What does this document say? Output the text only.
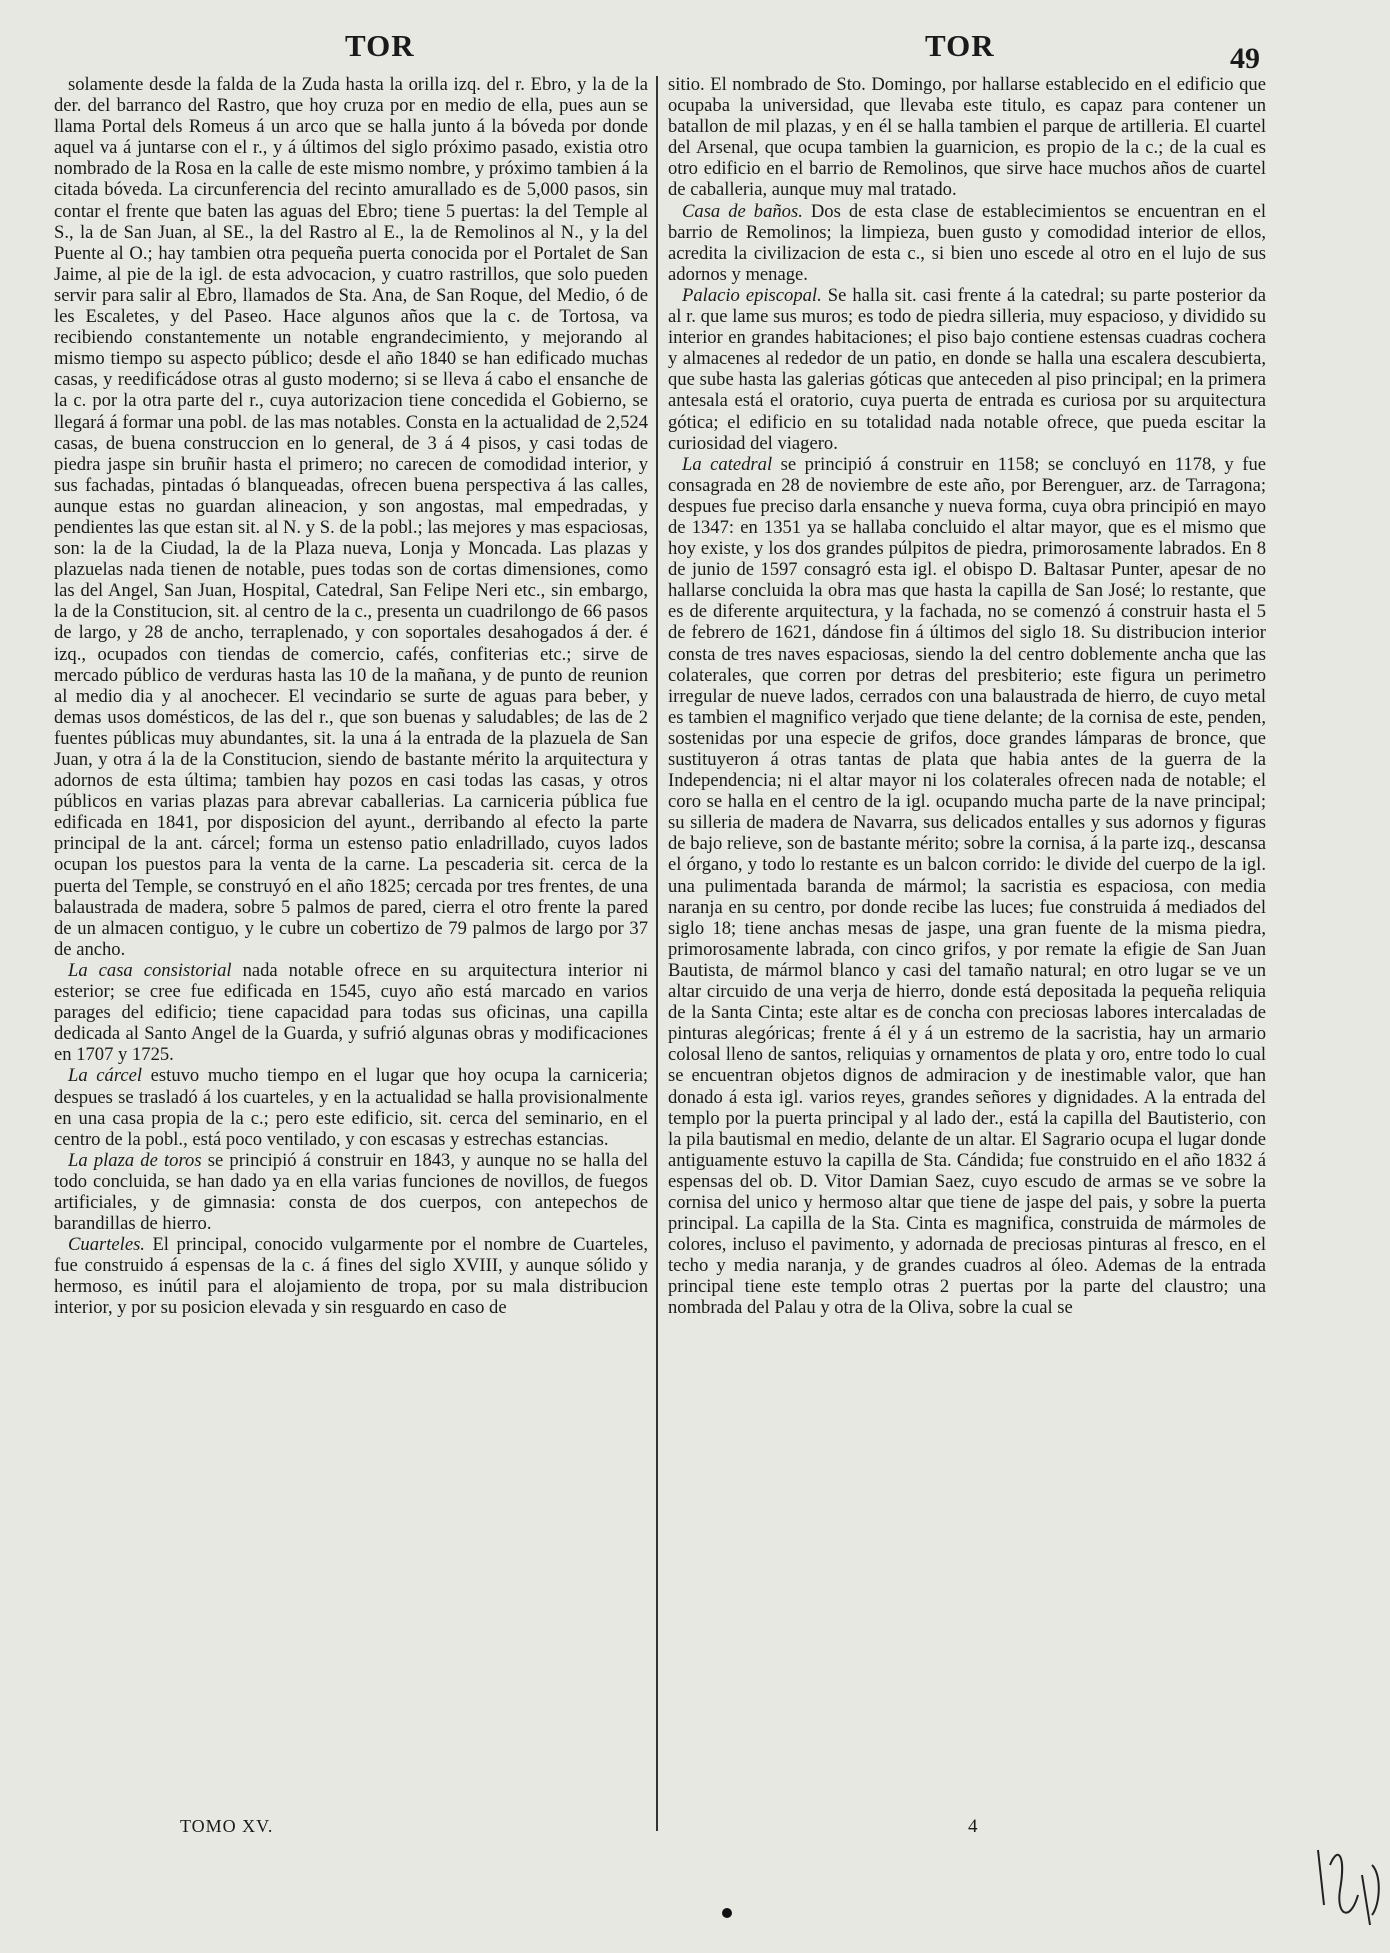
TOR	TOR	49

solamente desde la falda de la Zuda hasta la orilla izq. del r. Ebro, y la de la der. del barranco del Rastro, que hoy cruza por en medio de ella, pues aun se llama Portal dels Romeus á un arco que se halla junto á la bóveda por donde aquel va á juntarse con el r., y á últimos del siglo próximo pasado, existia otro nombrado de la Rosa en la calle de este mismo nombre, y próximo tambien á la citada bóveda. La circunferencia del recinto amurallado es de 5,000 pasos, sin contar el frente que baten las aguas del Ebro; tiene 5 puertas: la del Temple al S., la de San Juan, al SE., la del Rastro al E., la de Remolinos al N., y la del Puente al O.; hay tambien otra pequeña puerta conocida por el Portalet de San Jaime, al pie de la igl. de esta advocacion, y cuatro rastrillos, que solo pueden servir para salir al Ebro, llamados de Sta. Ana, de San Roque, del Medio, ó de les Escaletes, y del Paseo. Hace algunos años que la c. de Tortosa, va recibiendo constantemente un notable engrandecimiento, y mejorando al mismo tiempo su aspecto público; desde el año 1840 se han edificado muchas casas, y reedificádose otras al gusto moderno; si se lleva á cabo el ensanche de la c. por la otra parte del r., cuya autorizacion tiene concedida el Gobierno, se llegará á formar una pobl. de las mas notables. Consta en la actualidad de 2,524 casas, de buena construccion en lo general, de 3 á 4 pisos, y casi todas de piedra jaspe sin bruñir hasta el primero; no carecen de comodidad interior, y sus fachadas, pintadas ó blanqueadas, ofrecen buena perspectiva á las calles, aunque estas no guardan alineacion, y son angostas, mal empedradas, y pendientes las que estan sit. al N. y S. de la pobl.; las mejores y mas espaciosas, son: la de la Ciudad, la de la Plaza nueva, Lonja y Moncada. Las plazas y plazuelas nada tienen de notable, pues todas son de cortas dimensiones, como las del Angel, San Juan, Hospital, Catedral, San Felipe Neri etc., sin embargo, la de la Constitucion, sit. al centro de la c., presenta un cuadrilongo de 66 pasos de largo, y 28 de ancho, terraplenado, y con soportales desahogados á der. é izq., ocupados con tiendas de comercio, cafés, confiterias etc.; sirve de mercado público de verduras hasta las 10 de la mañana, y de punto de reunion al medio dia y al anochecer. El vecindario se surte de aguas para beber, y demas usos domésticos, de las del r., que son buenas y saludables; de las de 2 fuentes públicas muy abundantes, sit. la una á la entrada de la plazuela de San Juan, y otra á la de la Constitucion, siendo de bastante mérito la arquitectura y adornos de esta última; tambien hay pozos en casi todas las casas, y otros públicos en varias plazas para abrevar caballerias. La carniceria pública fue edificada en 1841, por disposicion del ayunt., derribando al efecto la parte principal de la ant. cárcel; forma un estenso patio enladrillado, cuyos lados ocupan los puestos para la venta de la carne. La pescaderia sit. cerca de la puerta del Temple, se construyó en el año 1825; cercada por tres frentes, de una balaustrada de madera, sobre 5 palmos de pared, cierra el otro frente la pared de un almacen contiguo, y le cubre un cobertizo de 79 palmos de largo por 37 de ancho.

La casa consistorial nada notable ofrece en su arquitectura interior ni esterior; se cree fue edificada en 1545, cuyo año está marcado en varios parages del edificio; tiene capacidad para todas sus oficinas, una capilla dedicada al Santo Angel de la Guarda, y sufrió algunas obras y modificaciones en 1707 y 1725.

La cárcel estuvo mucho tiempo en el lugar que hoy ocupa la carniceria; despues se trasladó á los cuarteles, y en la actualidad se halla provisionalmente en una casa propia de la c.; pero este edificio, sit. cerca del seminario, en el centro de la pobl., está poco ventilado, y con escasas y estrechas estancias.

La plaza de toros se principió á construir en 1843, y aunque no se halla del todo concluida, se han dado ya en ella varias funciones de novillos, de fuegos artificiales, y de gimnasia: consta de dos cuerpos, con antepechos de barandillas de hierro.

Cuarteles. El principal, conocido vulgarmente por el nombre de Cuarteles, fue construido á espensas de la c. á fines del siglo XVIII, y aunque sólido y hermoso, es inútil para el alojamiento de tropa, por su mala distribucion interior, y por su posicion elevada y sin resguardo en caso de

sitio. El nombrado de Sto. Domingo, por hallarse establecido en el edificio que ocupaba la universidad, que llevaba este titulo, es capaz para contener un batallon de mil plazas, y en él se halla tambien el parque de artilleria. El cuartel del Arsenal, que ocupa tambien la guarnicion, es propio de la c.; de la cual es otro edificio en el barrio de Remolinos, que sirve hace muchos años de cuartel de caballeria, aunque muy mal tratado.

Casa de baños. Dos de esta clase de establecimientos se encuentran en el barrio de Remolinos; la limpieza, buen gusto y comodidad interior de ellos, acredita la civilizacion de esta c., si bien uno escede al otro en el lujo de sus adornos y menage.

Palacio episcopal. Se halla sit. casi frente á la catedral; su parte posterior da al r. que lame sus muros; es todo de piedra silleria, muy espacioso, y dividido su interior en grandes habitaciones; el piso bajo contiene estensas cuadras cochera y almacenes al rededor de un patio, en donde se halla una escalera descubierta, que sube hasta las galerias góticas que anteceden al piso principal; en la primera antesala está el oratorio, cuya puerta de entrada es curiosa por su arquitectura gótica; el edificio en su totalidad nada notable ofrece, que pueda escitar la curiosidad del viagero.

La catedral se principió á construir en 1158; se concluyó en 1178, y fue consagrada en 28 de noviembre de este año, por Berenguer, arz. de Tarragona; despues fue preciso darla ensanche y nueva forma, cuya obra principió en mayo de 1347: en 1351 ya se hallaba concluido el altar mayor, que es el mismo que hoy existe, y los dos grandes púlpitos de piedra, primorosamente labrados. En 8 de junio de 1597 consagró esta igl. el obispo D. Baltasar Punter, apesar de no hallarse concluida la obra mas que hasta la capilla de San José; lo restante, que es de diferente arquitectura, y la fachada, no se comenzó á construir hasta el 5 de febrero de 1621, dándose fin á últimos del siglo 18. Su distribucion interior consta de tres naves espaciosas, siendo la del centro doblemente ancha que las colaterales, que corren por detras del presbiterio; este figura un perimetro irregular de nueve lados, cerrados con una balaustrada de hierro, de cuyo metal es tambien el magnifico verjado que tiene delante; de la cornisa de este, penden, sostenidas por una especie de grifos, doce grandes lámparas de bronce, que sustituyeron á otras tantas de plata que habia antes de la guerra de la Independencia; ni el altar mayor ni los colaterales ofrecen nada de notable; el coro se halla en el centro de la igl. ocupando mucha parte de la nave principal; su silleria de madera de Navarra, sus delicados entalles y sus adornos y figuras de bajo relieve, son de bastante mérito; sobre la cornisa, á la parte izq., descansa el órgano, y todo lo restante es un balcon corrido: le divide del cuerpo de la igl. una pulimentada baranda de mármol; la sacristia es espaciosa, con media naranja en su centro, por donde recibe las luces; fue construida á mediados del siglo 18; tiene anchas mesas de jaspe, una gran fuente de la misma piedra, primorosamente labrada, con cinco grifos, y por remate la efigie de San Juan Bautista, de mármol blanco y casi del tamaño natural; en otro lugar se ve un altar circuido de una verja de hierro, donde está depositada la pequeña reliquia de la Santa Cinta; este altar es de concha con preciosas labores intercaladas de pinturas alegóricas; frente á él y á un estremo de la sacristia, hay un armario colosal lleno de santos, reliquias y ornamentos de plata y oro, entre todo lo cual se encuentran objetos dignos de admiracion y de inestimable valor, que han donado á esta igl. varios reyes, grandes señores y dignidades. A la entrada del templo por la puerta principal y al lado der., está la capilla del Bautisterio, con la pila bautismal en medio, delante de un altar. El Sagrario ocupa el lugar donde antiguamente estuvo la capilla de Sta. Cándida; fue construido en el año 1832 á espensas del ob. D. Vitor Damian Saez, cuyo escudo de armas se ve sobre la cornisa del unico y hermoso altar que tiene de jaspe del pais, y sobre la puerta principal. La capilla de la Sta. Cinta es magnifica, construida de mármoles de colores, incluso el pavimento, y adornada de preciosas pinturas al fresco, en el techo y media naranja, y de grandes cuadros al óleo. Ademas de la entrada principal tiene este templo otras 2 puertas por la parte del claustro; una nombrada del Palau y otra de la Oliva, sobre la cual se

TOMO XV.	4
